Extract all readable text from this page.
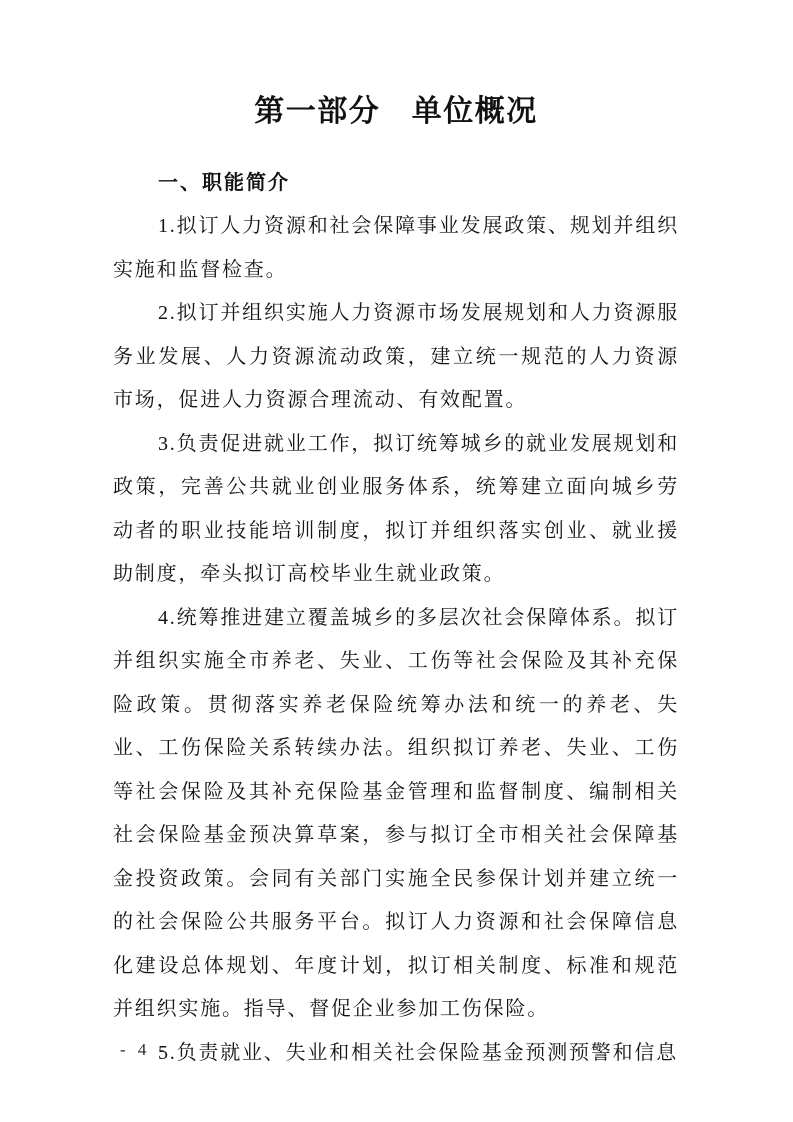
第一部分　单位概况
一、职能简介

1.拟订人力资源和社会保障事业发展政策、规划并组织实施和监督检查。

2.拟订并组织实施人力资源市场发展规划和人力资源服务业发展、人力资源流动政策，建立统一规范的人力资源市场，促进人力资源合理流动、有效配置。

3.负责促进就业工作，拟订统筹城乡的就业发展规划和政策，完善公共就业创业服务体系，统筹建立面向城乡劳动者的职业技能培训制度，拟订并组织落实创业、就业援助制度，牵头拟订高校毕业生就业政策。

4.统筹推进建立覆盖城乡的多层次社会保障体系。拟订并组织实施全市养老、失业、工伤等社会保险及其补充保险政策。贯彻落实养老保险统筹办法和统一的养老、失业、工伤保险关系转续办法。组织拟订养老、失业、工伤等社会保险及其补充保险基金管理和监督制度、编制相关社会保险基金预决算草案，参与拟订全市相关社会保障基金投资政策。会同有关部门实施全民参保计划并建立统一的社会保险公共服务平台。拟订人力资源和社会保障信息化建设总体规划、年度计划，拟订相关制度、标准和规范并组织实施。指导、督促企业参加工伤保险。

5.负责就业、失业和相关社会保险基金预测预警和信息

- 4 -
